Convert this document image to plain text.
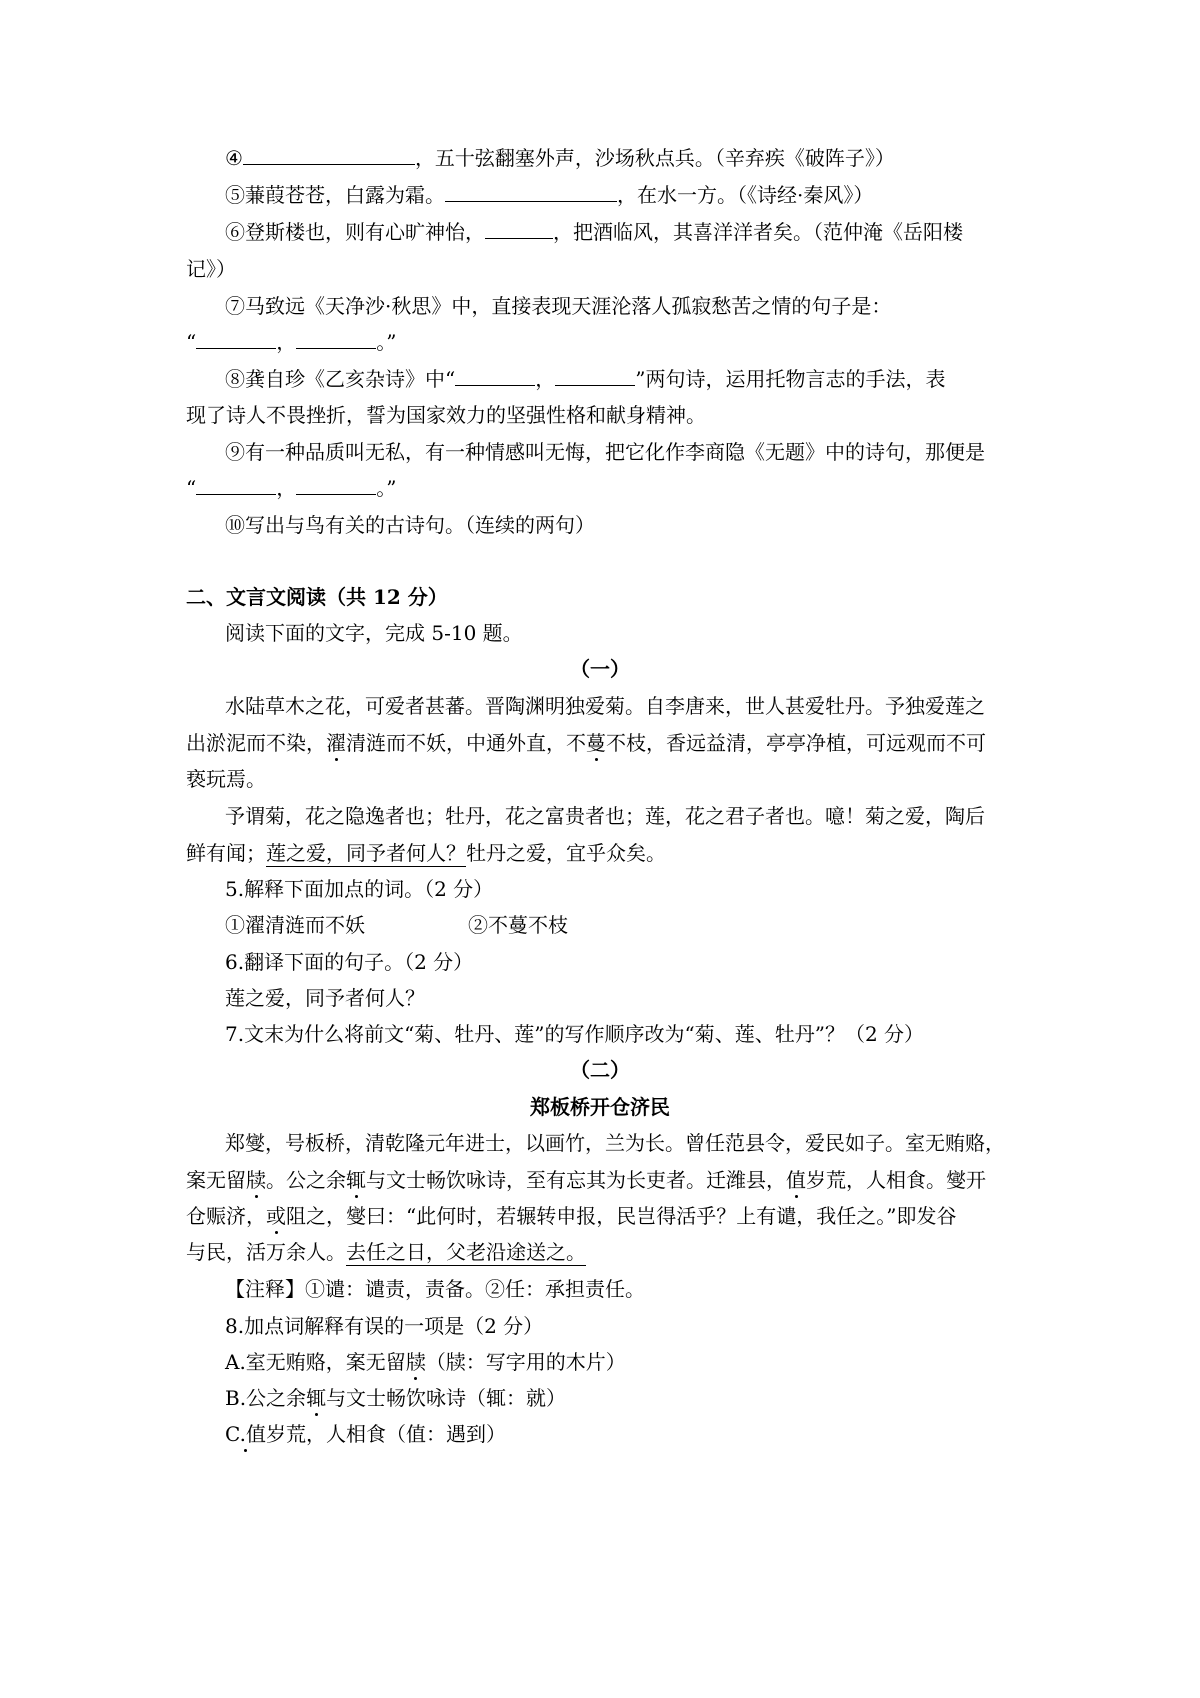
④	，五十弦翻塞外声，沙场秋点兵。（辛弃疾《破阵子》）

⑤蒹葭苍苍，白露为霜。	，在水一方。（《诗经·秦风》）

⑥登斯楼也，则有心旷神怡，	，把酒临风，其喜洋洋者矣。（范仲淹《岳阳楼

记》）

⑦马致远《天净沙·秋思》中，直接表现天涯沦落人孤寂愁苦之情的句子是：

“	，	。”

⑧龚自珍《乙亥杂诗》中“	，	”两句诗，运用托物言志的手法，表

现了诗人不畏挫折，誓为国家效力的坚强性格和献身精神。

⑨有一种品质叫无私，有一种情感叫无悔，把它化作李商隐《无题》中的诗句，那便是

“	，	。”

⑩写出与鸟有关的古诗句。（连续的两句）

二、文言文阅读（共 12 分）

阅读下面的文字，完成 5-10 题。

（一）

水陆草木之花，可爱者甚蕃。晋陶渊明独爱菊。自李唐来，世人甚爱牡丹。予独爱莲之

出淤泥而不染，濯清涟而不妖，中通外直，不蔓不枝，香远益清，亭亭净植，可远观而不可

亵玩焉。

予谓菊，花之隐逸者也；牡丹，花之富贵者也；莲，花之君子者也。噫！菊之爱，陶后

鲜有闻；莲之爱，同予者何人？牡丹之爱，宜乎众矣。

5.解释下面加点的词。（2 分）

①濯清涟而不妖	②不蔓不枝

6.翻译下面的句子。（2 分）

莲之爱，同予者何人？

7.文末为什么将前文“菊、牡丹、莲”的写作顺序改为“菊、莲、牡丹”？（2 分）

（二）

郑板桥开仓济民

郑燮，号板桥，清乾隆元年进士，以画竹，兰为长。曾任范县令，爱民如子。室无贿赂，

案无留牍。公之余辄与文士畅饮咏诗，至有忘其为长吏者。迁潍县，值岁荒，人相食。燮开

仓赈济，或阻之，燮曰：“此何时，若辗转申报，民岂得活乎？上有谴，我任之。”即发谷

与民，活万余人。去任之日，父老沿途送之。

【注释】①谴：谴责，责备。②任：承担责任。

8.加点词解释有误的一项是（2 分）

A.室无贿赂，案无留牍（牍：写字用的木片）

B.公之余辄与文士畅饮咏诗（辄：就）

C.值岁荒，人相食（值：遇到）
